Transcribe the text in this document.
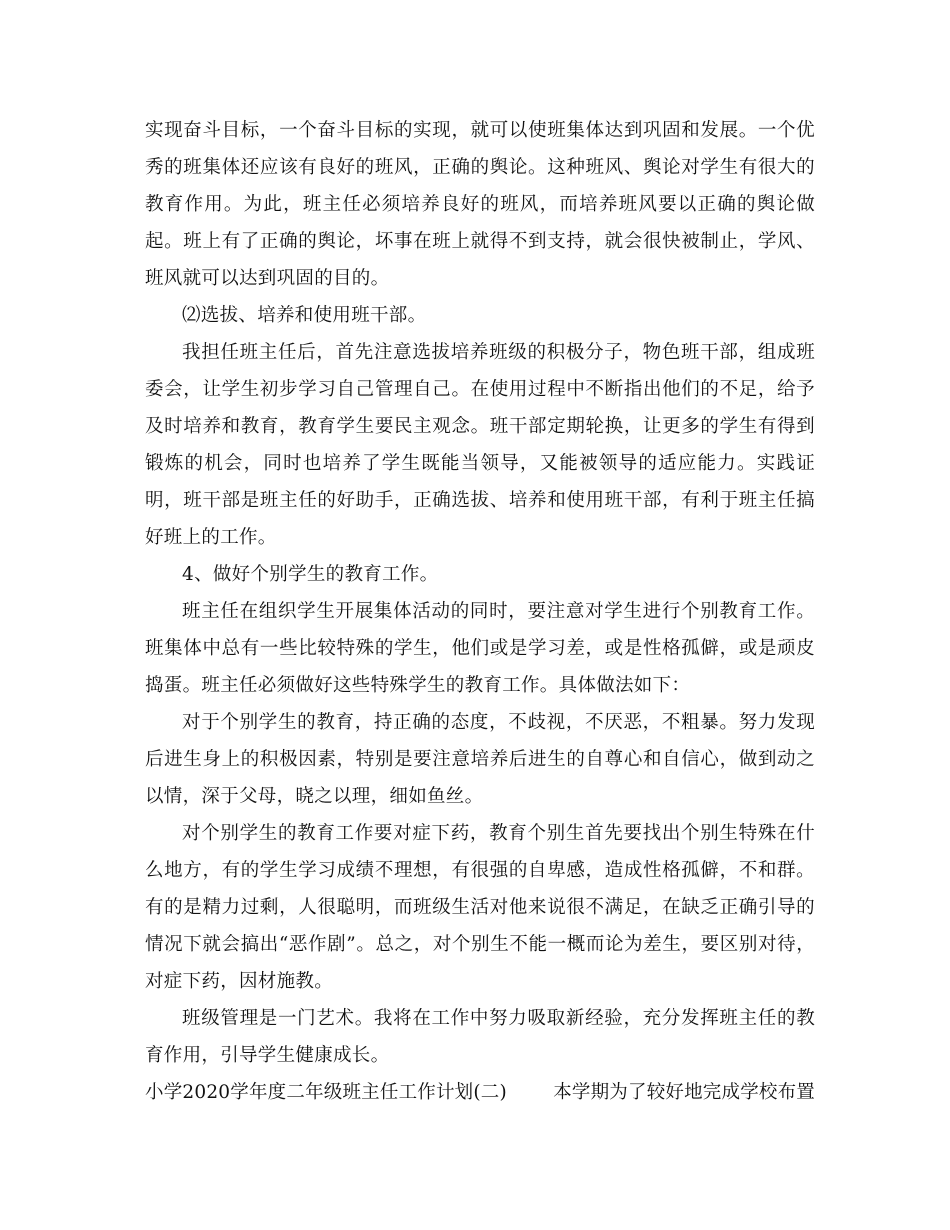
实现奋斗目标，一个奋斗目标的实现，就可以使班集体达到巩固和发展。一个优秀的班集体还应该有良好的班风，正确的舆论。这种班风、舆论对学生有很大的教育作用。为此，班主任必须培养良好的班风，而培养班风要以正确的舆论做起。班上有了正确的舆论，坏事在班上就得不到支持，就会很快被制止，学风、班风就可以达到巩固的目的。

⑵选拔、培养和使用班干部。

我担任班主任后，首先注意选拔培养班级的积极分子，物色班干部，组成班委会，让学生初步学习自己管理自己。在使用过程中不断指出他们的不足，给予及时培养和教育，教育学生要民主观念。班干部定期轮换，让更多的学生有得到锻炼的机会，同时也培养了学生既能当领导，又能被领导的适应能力。实践证明，班干部是班主任的好助手，正确选拔、培养和使用班干部，有利于班主任搞好班上的工作。

4、做好个别学生的教育工作。

班主任在组织学生开展集体活动的同时，要注意对学生进行个别教育工作。班集体中总有一些比较特殊的学生，他们或是学习差，或是性格孤僻，或是顽皮捣蛋。班主任必须做好这些特殊学生的教育工作。具体做法如下：

对于个别学生的教育，持正确的态度，不歧视，不厌恶，不粗暴。努力发现后进生身上的积极因素，特别是要注意培养后进生的自尊心和自信心，做到动之以情，深于父母，晓之以理，细如鱼丝。

对个别学生的教育工作要对症下药，教育个别生首先要找出个别生特殊在什么地方，有的学生学习成绩不理想，有很强的自卑感，造成性格孤僻，不和群。有的是精力过剩，人很聪明，而班级生活对他来说很不满足，在缺乏正确引导的情况下就会搞出“恶作剧”。总之，对个别生不能一概而论为差生，要区别对待，对症下药，因材施教。

班级管理是一门艺术。我将在工作中努力吸取新经验，充分发挥班主任的教育作用，引导学生健康成长。

小学2020学年度二年级班主任工作计划(二)	本学期为了较好地完成学校布置
